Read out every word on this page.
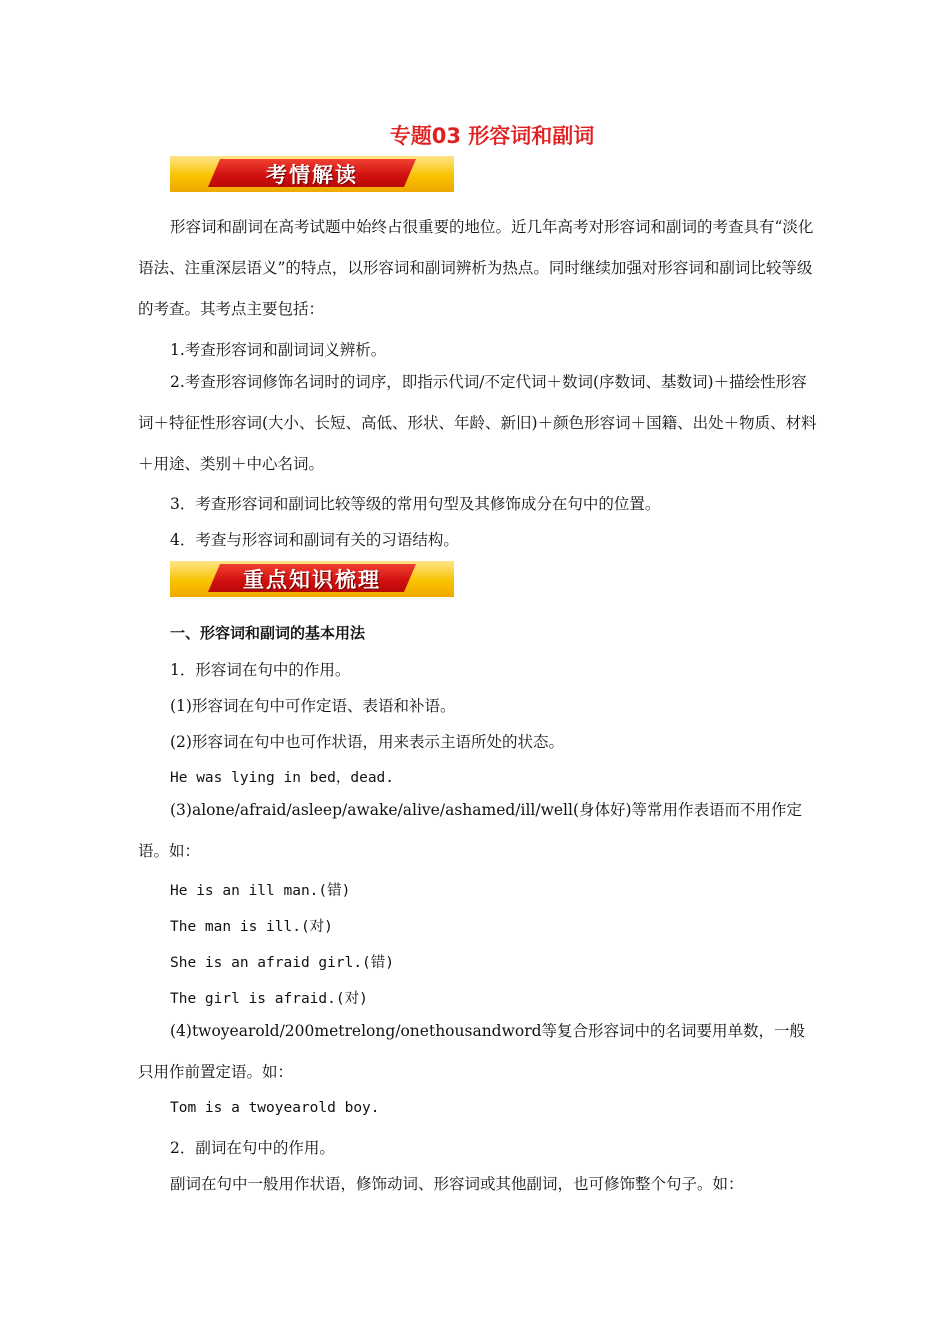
专题03 形容词和副词
考情解读
形容词和副词在高考试题中始终占很重要的地位。近几年高考对形容词和副词的考查具有“淡化语法、注重深层语义”的特点，以形容词和副词辨析为热点。同时继续加强对形容词和副词比较等级的考查。其考点主要包括：
1.考查形容词和副词词义辨析。
2.考查形容词修饰名词时的词序，即指示代词/不定代词＋数词(序数词、基数词)＋描绘性形容词＋特征性形容词(大小、长短、高低、形状、年龄、新旧)＋颜色形容词＋国籍、出处＋物质、材料＋用途、类别＋中心名词。
3．考查形容词和副词比较等级的常用句型及其修饰成分在句中的位置。
4．考查与形容词和副词有关的习语结构。
重点知识梳理
一、形容词和副词的基本用法
1．形容词在句中的作用。
(1)形容词在句中可作定语、表语和补语。
(2)形容词在句中也可作状语，用来表示主语所处的状态。
He was lying in bed，dead.
(3)alone/afraid/asleep/awake/alive/ashamed/ill/well(身体好)等常用作表语而不用作定语。如：
He is an ill man.(错)
The man is ill.(对)
She is an afraid girl.(错)
The girl is afraid.(对)
(4)twoyearold/200metrelong/onethousandword等复合形容词中的名词要用单数，一般只用作前置定语。如：
Tom is a twoyearold boy.
2．副词在句中的作用。
副词在句中一般用作状语，修饰动词、形容词或其他副词，也可修饰整个句子。如：
